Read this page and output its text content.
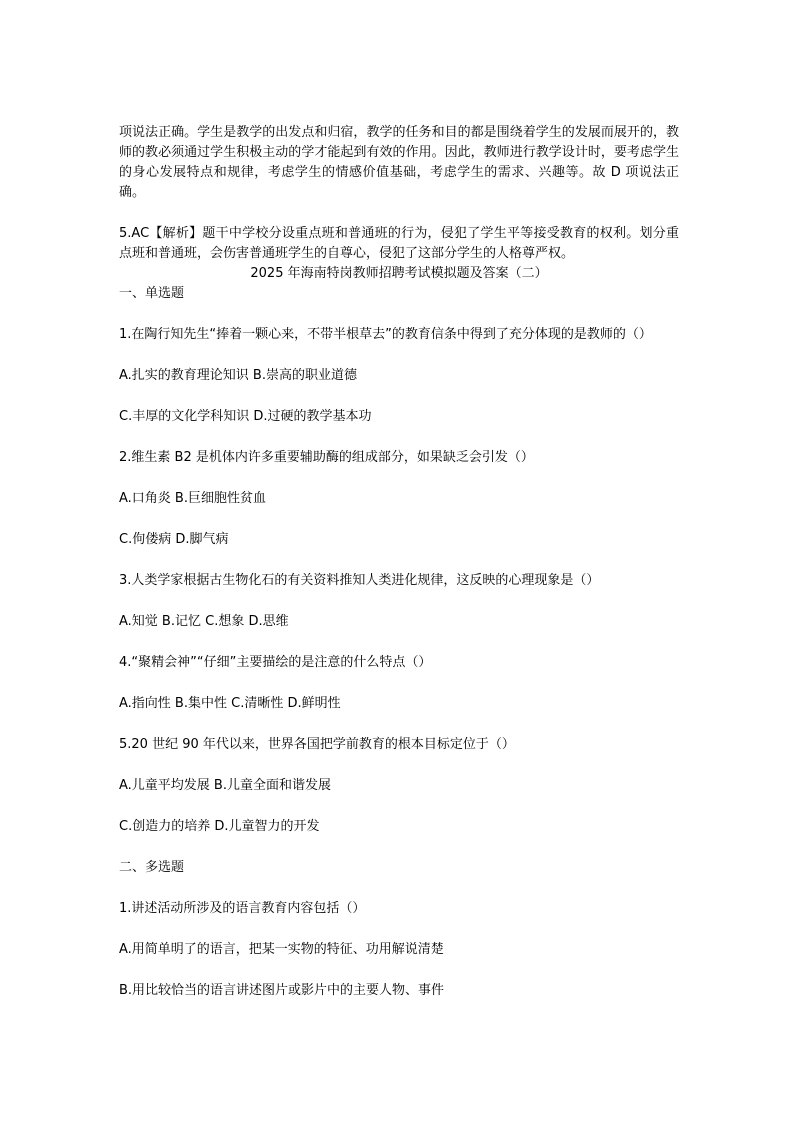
项说法正确。学生是教学的出发点和归宿，教学的任务和目的都是围绕着学生的发展而展开的，教师的教必须通过学生积极主动的学才能起到有效的作用。因此，教师进行教学设计时，要考虑学生的身心发展特点和规律，考虑学生的情感价值基础，考虑学生的需求、兴趣等。故 D 项说法正确。

5.AC【解析】题干中学校分设重点班和普通班的行为，侵犯了学生平等接受教育的权利。划分重点班和普通班，会伤害普通班学生的自尊心，侵犯了这部分学生的人格尊严权。

2025 年海南特岗教师招聘考试模拟题及答案（二）

一、单选题

1.在陶行知先生“捧着一颗心来，不带半根草去”的教育信条中得到了充分体现的是教师的（）

A.扎实的教育理论知识 B.崇高的职业道德

C.丰厚的文化学科知识 D.过硬的教学基本功

2.维生素 B2 是机体内许多重要辅助酶的组成部分，如果缺乏会引发（）

A.口角炎 B.巨细胞性贫血

C.佝偻病 D.脚气病

3.人类学家根据古生物化石的有关资料推知人类进化规律，这反映的心理现象是（）

A.知觉 B.记忆 C.想象 D.思维

4.“聚精会神”“仔细”主要描绘的是注意的什么特点（）

A.指向性 B.集中性 C.清晰性 D.鲜明性

5.20 世纪 90 年代以来，世界各国把学前教育的根本目标定位于（）

A.儿童平均发展 B.儿童全面和谐发展

C.创造力的培养 D.儿童智力的开发

二、多选题

1.讲述活动所涉及的语言教育内容包括（）

A.用简单明了的语言，把某一实物的特征、功用解说清楚

B.用比较恰当的语言讲述图片或影片中的主要人物、事件
